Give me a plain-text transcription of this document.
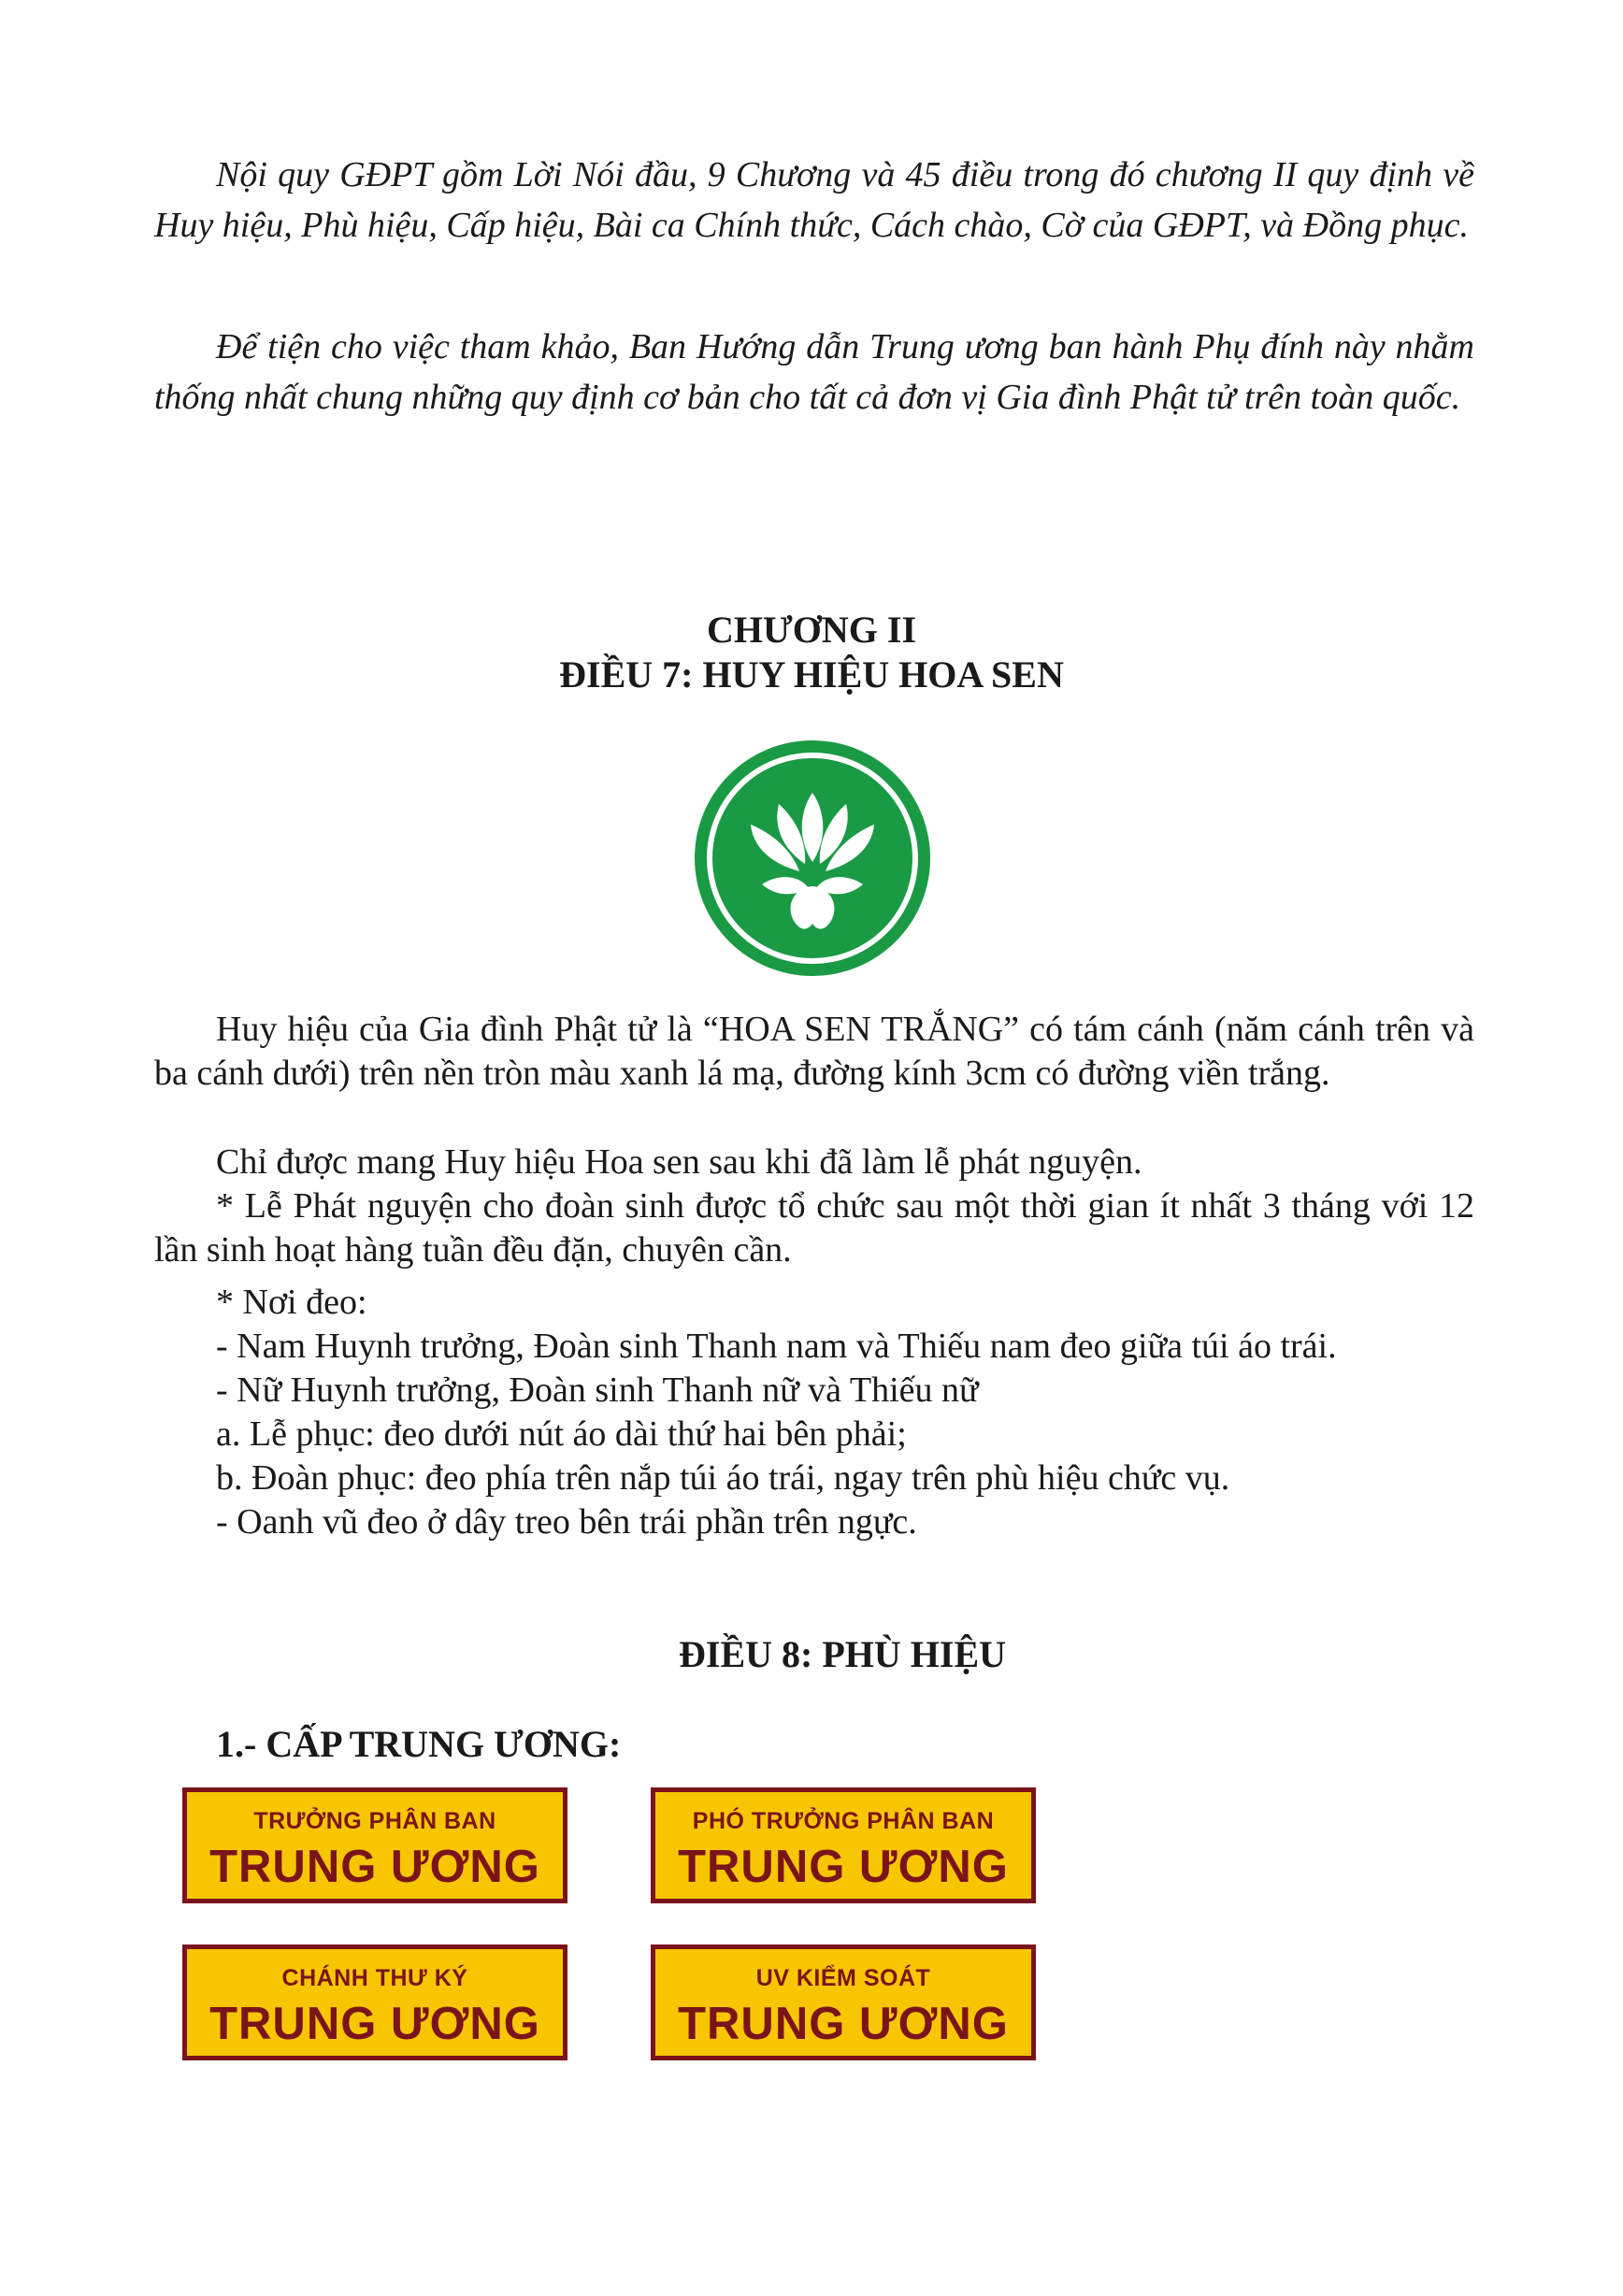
Nội quy GĐPT gồm Lời Nói đầu, 9 Chương và 45 điều trong đó chương II quy định về Huy hiệu, Phù hiệu, Cấp hiệu, Bài ca Chính thức, Cách chào, Cờ của GĐPT, và Đồng phục.

Để tiện cho việc tham khảo, Ban Hướng dẫn Trung ương ban hành Phụ đính này nhằm thống nhất chung những quy định cơ bản cho tất cả đơn vị Gia đình Phật tử trên toàn quốc.

CHƯƠNG II
ĐIỀU 7: HUY HIỆU HOA SEN

Huy hiệu của Gia đình Phật tử là “HOA SEN TRẮNG” có tám cánh (năm cánh trên và ba cánh dưới) trên nền tròn màu xanh lá mạ, đường kính 3cm có đường viền trắng.

Chỉ được mang Huy hiệu Hoa sen sau khi đã làm lễ phát nguyện.

* Lễ Phát nguyện cho đoàn sinh được tổ chức sau một thời gian ít nhất 3 tháng với 12 lần sinh hoạt hàng tuần đều đặn, chuyên cần.

* Nơi đeo:

- Nam Huynh trưởng, Đoàn sinh Thanh nam và Thiếu nam đeo giữa túi áo trái.

- Nữ Huynh trưởng, Đoàn sinh Thanh nữ và Thiếu nữ

a. Lễ phục: đeo dưới nút áo dài thứ hai bên phải;

b. Đoàn phục: đeo phía trên nắp túi áo trái, ngay trên phù hiệu chức vụ.

- Oanh vũ đeo ở dây treo bên trái phần trên ngực.

ĐIỀU 8: PHÙ HIỆU
1.- CẤP TRUNG ƯƠNG:
TRƯỞNG PHÂN BAN
TRUNG ƯƠNG
PHÓ TRƯỞNG PHÂN BAN
TRUNG ƯƠNG
CHÁNH THƯ KÝ
TRUNG ƯƠNG
UV KIỂM SOÁT
TRUNG ƯƠNG
